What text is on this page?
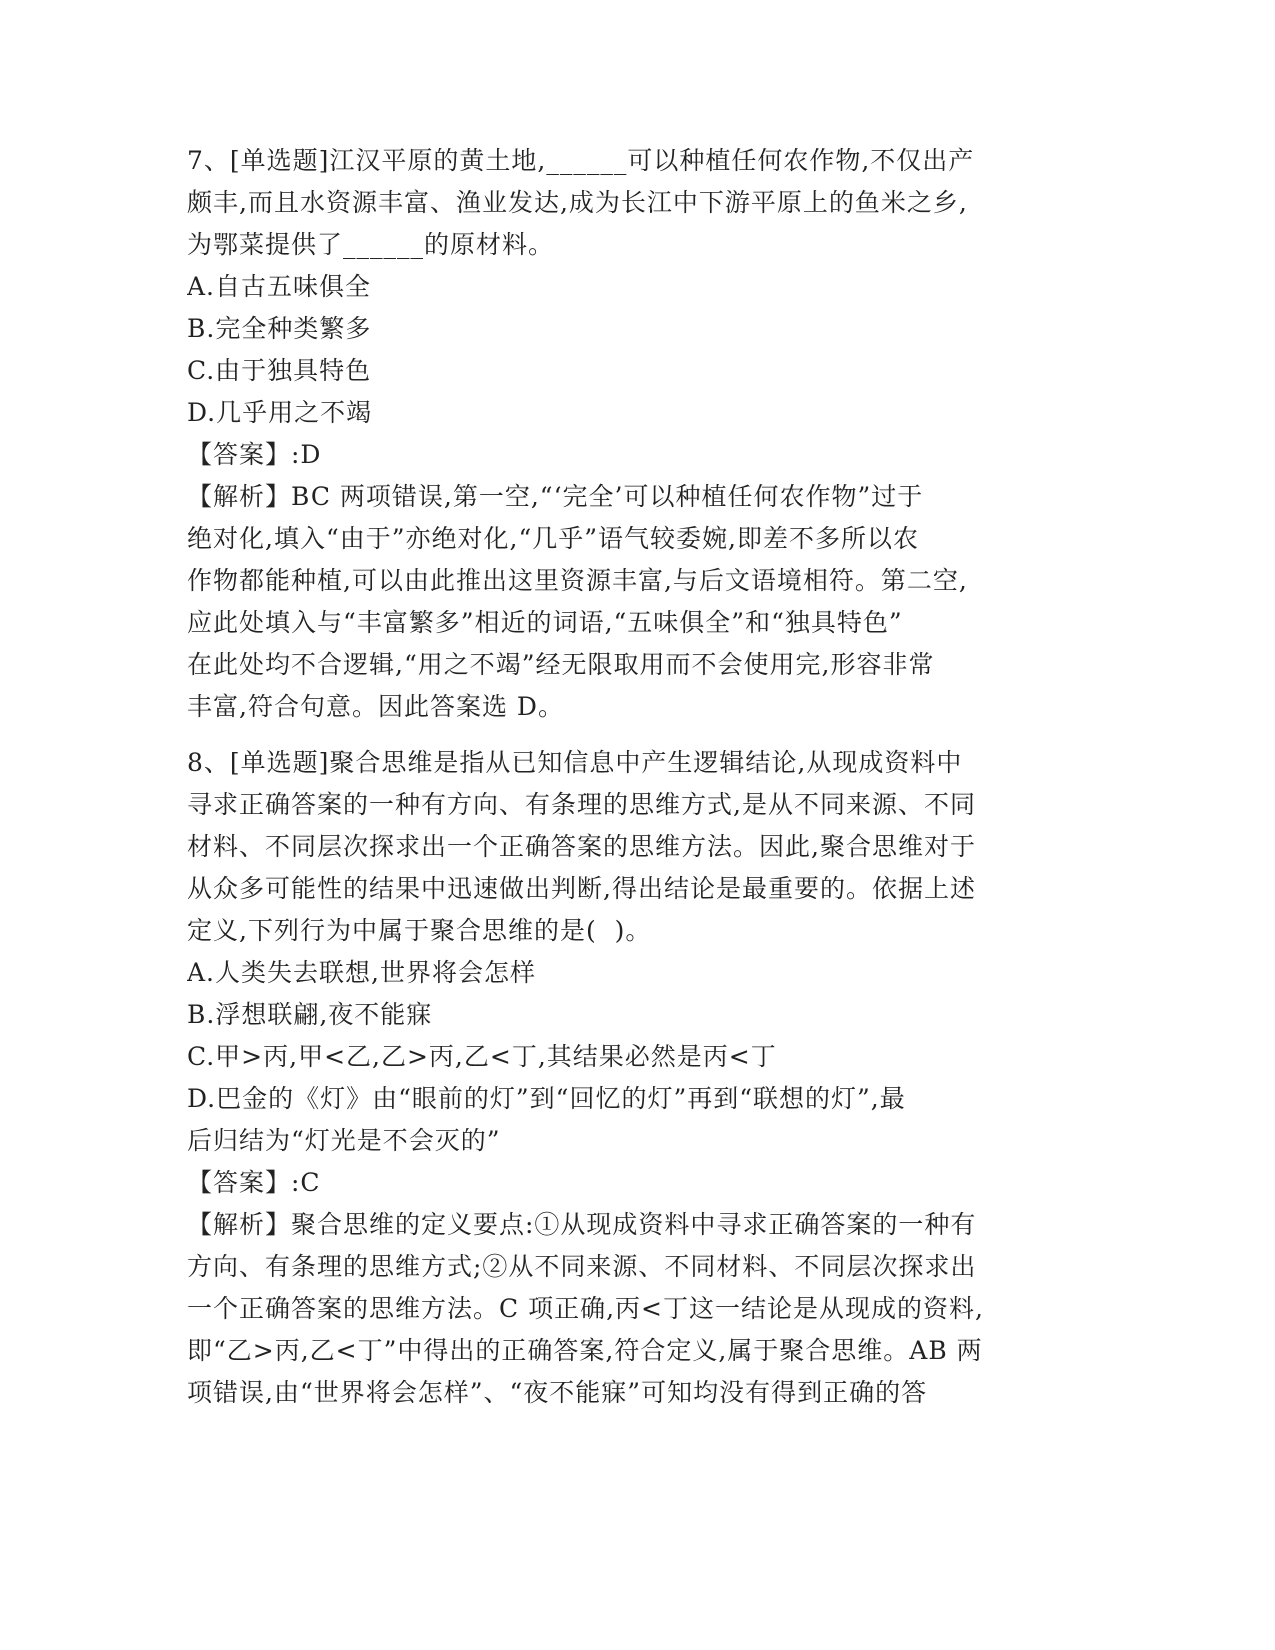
7、[单选题]江汉平原的黄土地,______可以种植任何农作物,不仅出产
颇丰,而且水资源丰富、渔业发达,成为长江中下游平原上的鱼米之乡,
为鄂菜提供了______的原材料。
A.自古五味俱全
B.完全种类繁多
C.由于独具特色
D.几乎用之不竭
【答案】:D
【解析】BC 两项错误,第一空,“‘完全’可以种植任何农作物”过于
绝对化,填入“由于”亦绝对化,“几乎”语气较委婉,即差不多所以农
作物都能种植,可以由此推出这里资源丰富,与后文语境相符。第二空,
应此处填入与“丰富繁多”相近的词语,“五味俱全”和“独具特色”
在此处均不合逻辑,“用之不竭”经无限取用而不会使用完,形容非常
丰富,符合句意。因此答案选 D。
8、[单选题]聚合思维是指从已知信息中产生逻辑结论,从现成资料中
寻求正确答案的一种有方向、有条理的思维方式,是从不同来源、不同
材料、不同层次探求出一个正确答案的思维方法。因此,聚合思维对于
从众多可能性的结果中迅速做出判断,得出结论是最重要的。依据上述
定义,下列行为中属于聚合思维的是(  )。
A.人类失去联想,世界将会怎样
B.浮想联翩,夜不能寐
C.甲>丙,甲<乙,乙>丙,乙<丁,其结果必然是丙<丁
D.巴金的《灯》由“眼前的灯”到“回忆的灯”再到“联想的灯”,最
后归结为“灯光是不会灭的”
【答案】:C
【解析】聚合思维的定义要点:①从现成资料中寻求正确答案的一种有
方向、有条理的思维方式;②从不同来源、不同材料、不同层次探求出
一个正确答案的思维方法。C 项正确,丙<丁这一结论是从现成的资料,
即“乙>丙,乙<丁”中得出的正确答案,符合定义,属于聚合思维。AB 两
项错误,由“世界将会怎样”、“夜不能寐”可知均没有得到正确的答
